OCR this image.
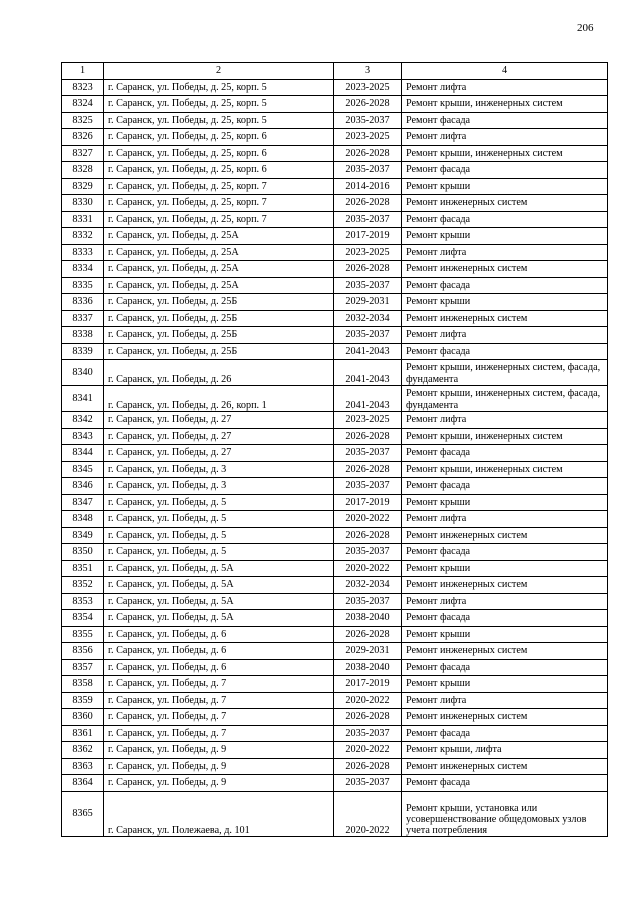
206
1	2	3	4
8323	г. Саранск, ул. Победы, д. 25, корп. 5	2023-2025	Ремонт лифта
8324	г. Саранск, ул. Победы, д. 25, корп. 5	2026-2028	Ремонт крыши, инженерных систем
8325	г. Саранск, ул. Победы, д. 25, корп. 5	2035-2037	Ремонт фасада
8326	г. Саранск, ул. Победы, д. 25, корп. 6	2023-2025	Ремонт лифта
8327	г. Саранск, ул. Победы, д. 25, корп. 6	2026-2028	Ремонт крыши, инженерных систем
8328	г. Саранск, ул. Победы, д. 25, корп. 6	2035-2037	Ремонт фасада
8329	г. Саранск, ул. Победы, д. 25, корп. 7	2014-2016	Ремонт крыши
8330	г. Саранск, ул. Победы, д. 25, корп. 7	2026-2028	Ремонт инженерных систем
8331	г. Саранск, ул. Победы, д. 25, корп. 7	2035-2037	Ремонт фасада
8332	г. Саранск, ул. Победы, д. 25А	2017-2019	Ремонт крыши
8333	г. Саранск, ул. Победы, д. 25А	2023-2025	Ремонт лифта
8334	г. Саранск, ул. Победы, д. 25А	2026-2028	Ремонт инженерных систем
8335	г. Саранск, ул. Победы, д. 25А	2035-2037	Ремонт фасада
8336	г. Саранск, ул. Победы, д. 25Б	2029-2031	Ремонт крыши
8337	г. Саранск, ул. Победы, д. 25Б	2032-2034	Ремонт инженерных систем
8338	г. Саранск, ул. Победы, д. 25Б	2035-2037	Ремонт лифта
8339	г. Саранск, ул. Победы, д. 25Б	2041-2043	Ремонт фасада
8340	г. Саранск, ул. Победы, д. 26	2041-2043	Ремонт крыши, инженерных систем, фасада, фундамента
8341	г. Саранск, ул. Победы, д. 26, корп. 1	2041-2043	Ремонт крыши, инженерных систем, фасада, фундамента
8342	г. Саранск, ул. Победы, д. 27	2023-2025	Ремонт лифта
8343	г. Саранск, ул. Победы, д. 27	2026-2028	Ремонт крыши, инженерных систем
8344	г. Саранск, ул. Победы, д. 27	2035-2037	Ремонт фасада
8345	г. Саранск, ул. Победы, д. 3	2026-2028	Ремонт крыши, инженерных систем
8346	г. Саранск, ул. Победы, д. 3	2035-2037	Ремонт фасада
8347	г. Саранск, ул. Победы, д. 5	2017-2019	Ремонт крыши
8348	г. Саранск, ул. Победы, д. 5	2020-2022	Ремонт лифта
8349	г. Саранск, ул. Победы, д. 5	2026-2028	Ремонт инженерных систем
8350	г. Саранск, ул. Победы, д. 5	2035-2037	Ремонт фасада
8351	г. Саранск, ул. Победы, д. 5А	2020-2022	Ремонт крыши
8352	г. Саранск, ул. Победы, д. 5А	2032-2034	Ремонт инженерных систем
8353	г. Саранск, ул. Победы, д. 5А	2035-2037	Ремонт лифта
8354	г. Саранск, ул. Победы, д. 5А	2038-2040	Ремонт фасада
8355	г. Саранск, ул. Победы, д. 6	2026-2028	Ремонт крыши
8356	г. Саранск, ул. Победы, д. 6	2029-2031	Ремонт инженерных систем
8357	г. Саранск, ул. Победы, д. 6	2038-2040	Ремонт фасада
8358	г. Саранск, ул. Победы, д. 7	2017-2019	Ремонт крыши
8359	г. Саранск, ул. Победы, д. 7	2020-2022	Ремонт лифта
8360	г. Саранск, ул. Победы, д. 7	2026-2028	Ремонт инженерных систем
8361	г. Саранск, ул. Победы, д. 7	2035-2037	Ремонт фасада
8362	г. Саранск, ул. Победы, д. 9	2020-2022	Ремонт крыши, лифта
8363	г. Саранск, ул. Победы, д. 9	2026-2028	Ремонт инженерных систем
8364	г. Саранск, ул. Победы, д. 9	2035-2037	Ремонт фасада
8365	г. Саранск, ул. Полежаева, д. 101	2020-2022	Ремонт крыши, установка или усовершенствование общедомовых узлов учета потребления
